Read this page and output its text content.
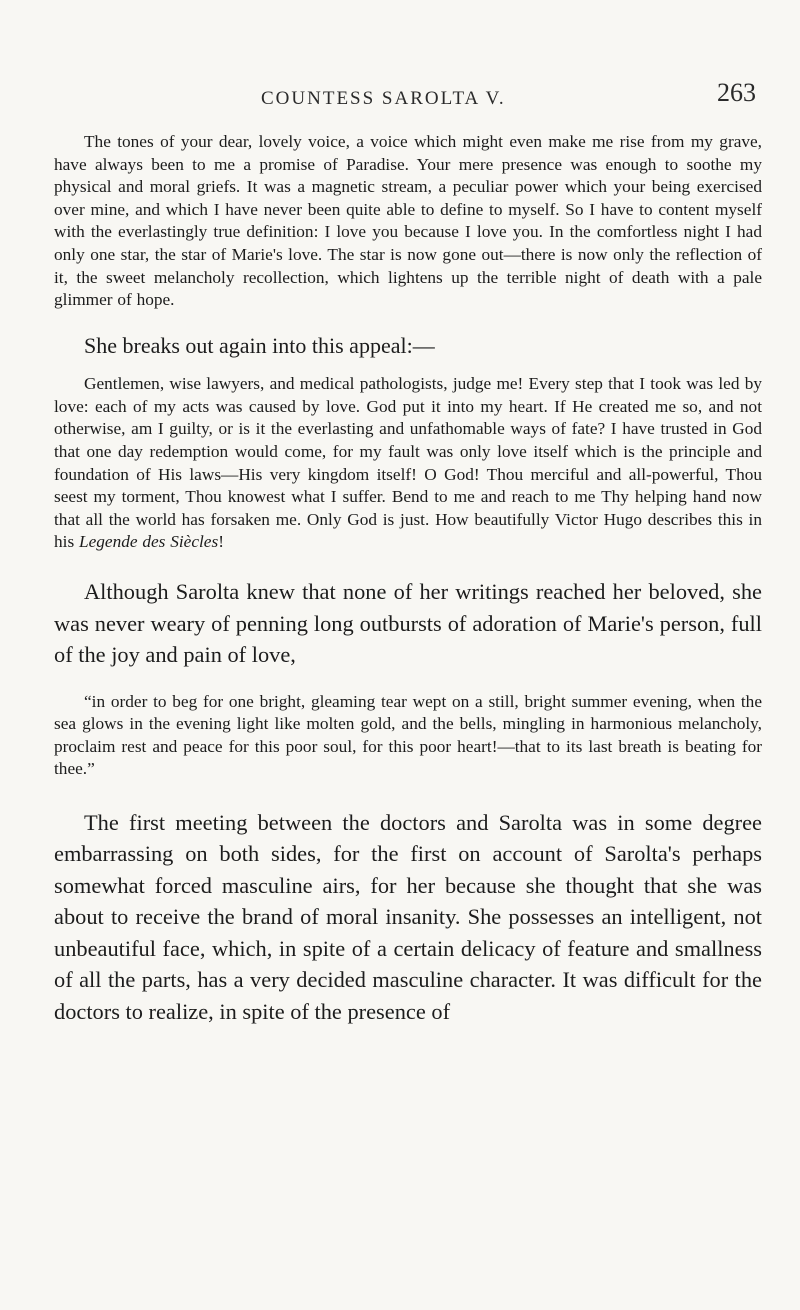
COUNTESS SAROLTA V.	263

The tones of your dear, lovely voice, a voice which might even make me rise from my grave, have always been to me a promise of Paradise. Your mere presence was enough to soothe my physical and moral griefs. It was a magnetic stream, a peculiar power which your being exercised over mine, and which I have never been quite able to define to myself. So I have to content myself with the everlastingly true definition: I love you because I love you. In the comfortless night I had only one star, the star of Marie's love. The star is now gone out—there is now only the reflection of it, the sweet melancholy recollection, which lightens up the terrible night of death with a pale glimmer of hope.

She breaks out again into this appeal:—

Gentlemen, wise lawyers, and medical pathologists, judge me! Every step that I took was led by love: each of my acts was caused by love. God put it into my heart. If He created me so, and not otherwise, am I guilty, or is it the everlasting and unfathomable ways of fate? I have trusted in God that one day redemption would come, for my fault was only love itself which is the principle and foundation of His laws—His very kingdom itself! O God! Thou merciful and all-powerful, Thou seest my torment, Thou knowest what I suffer. Bend to me and reach to me Thy helping hand now that all the world has forsaken me. Only God is just. How beautifully Victor Hugo describes this in his Legende des Siècles!

Although Sarolta knew that none of her writings reached her beloved, she was never weary of penning long outbursts of adoration of Marie's person, full of the joy and pain of love,

“in order to beg for one bright, gleaming tear wept on a still, bright summer evening, when the sea glows in the evening light like molten gold, and the bells, mingling in harmonious melancholy, proclaim rest and peace for this poor soul, for this poor heart!—that to its last breath is beating for thee.”

The first meeting between the doctors and Sarolta was in some degree embarrassing on both sides, for the first on account of Sarolta's perhaps somewhat forced masculine airs, for her because she thought that she was about to receive the brand of moral insanity. She possesses an intelligent, not unbeautiful face, which, in spite of a certain delicacy of feature and smallness of all the parts, has a very decided masculine character. It was difficult for the doctors to realize, in spite of the presence of
